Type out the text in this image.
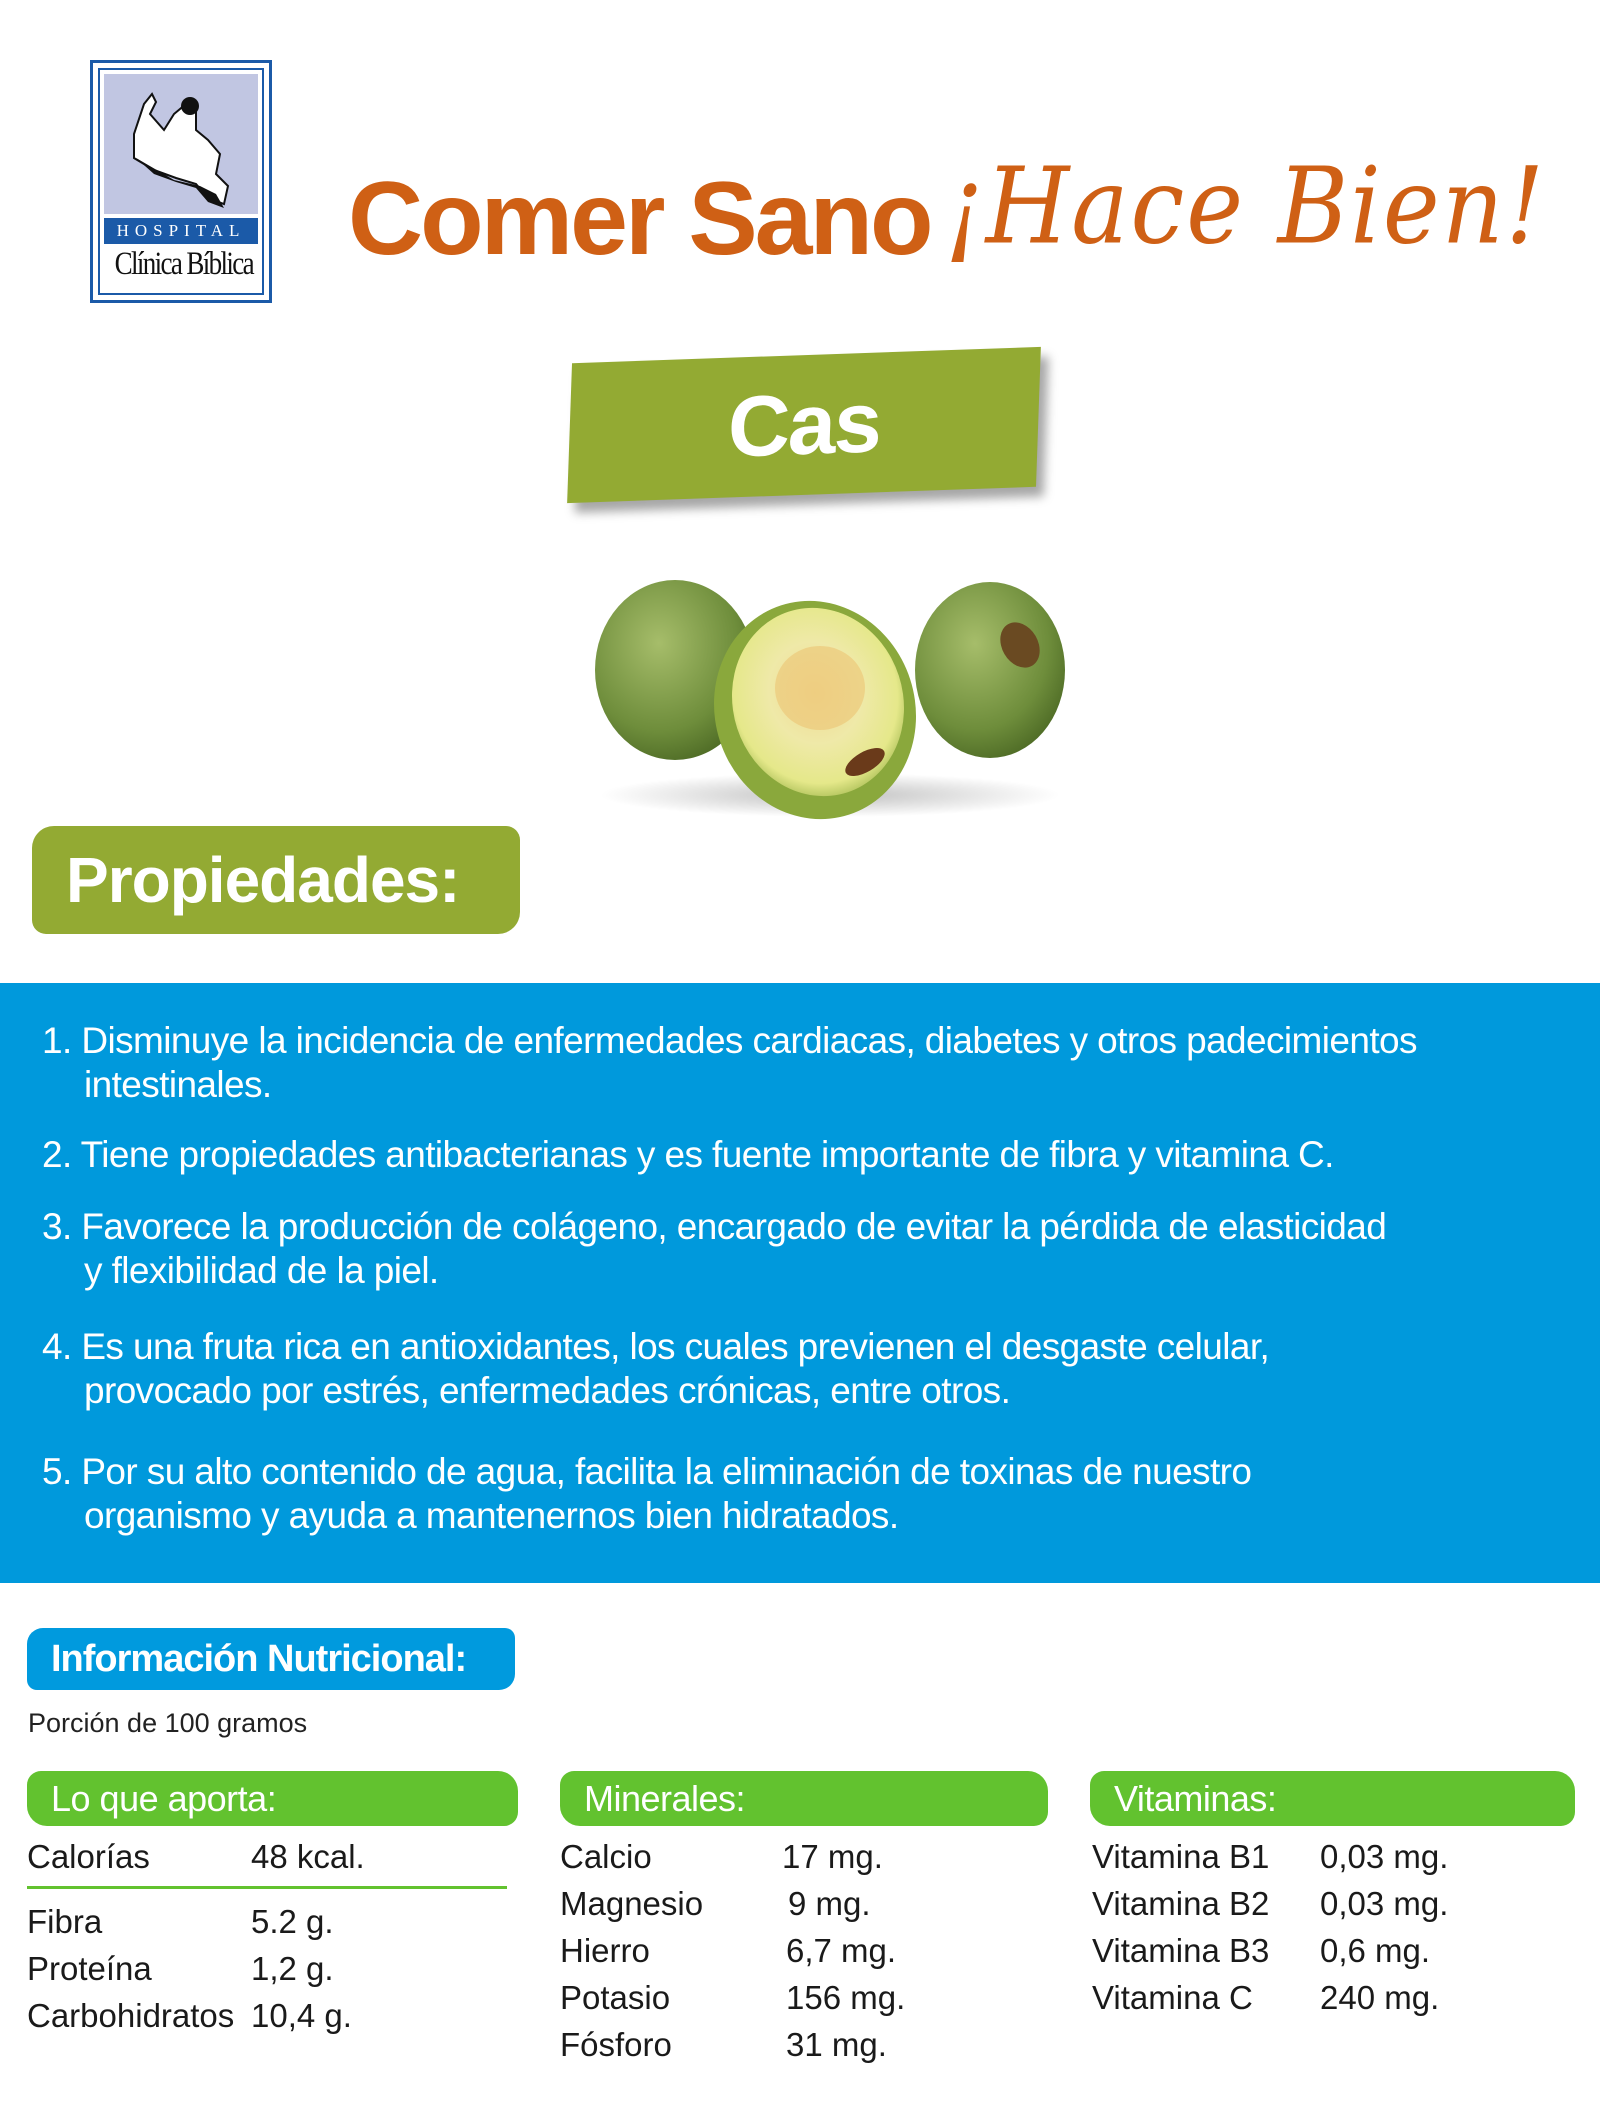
HOSPITAL
Clínica Bíblica Comer Sano ¡Hace Bien!
Cas
Propiedades:
1. Disminuye la incidencia de enfermedades cardiacas, diabetes y otros padecimientos
intestinales.
2. Tiene propiedades antibacterianas y es fuente importante de fibra y vitamina C.
3. Favorece la producción de colágeno, encargado de evitar la pérdida de elasticidad
y flexibilidad de la piel.
4. Es una fruta rica en antioxidantes, los cuales previenen el desgaste celular,
provocado por estrés, enfermedades crónicas, entre otros.
5. Por su alto contenido de agua, facilita la eliminación de toxinas de nuestro
organismo y ayuda a mantenernos bien hidratados.
Información Nutricional:
Porción de 100 gramos
Lo que aporta:	Minerales:	Vitaminas:
Calorías	48 kcal.
Fibra	5.2 g.
Proteína	1,2 g.
Carbohidratos 10,4 g.
Calcio	17 mg.
Magnesio	9 mg.
Hierro	6,7 mg.
Potasio	156 mg.
Fósforo	31 mg.
Vitamina B1 0,03 mg.
Vitamina B2 0,03 mg.
Vitamina B3 0,6 mg.
Vitamina C 240 mg.
